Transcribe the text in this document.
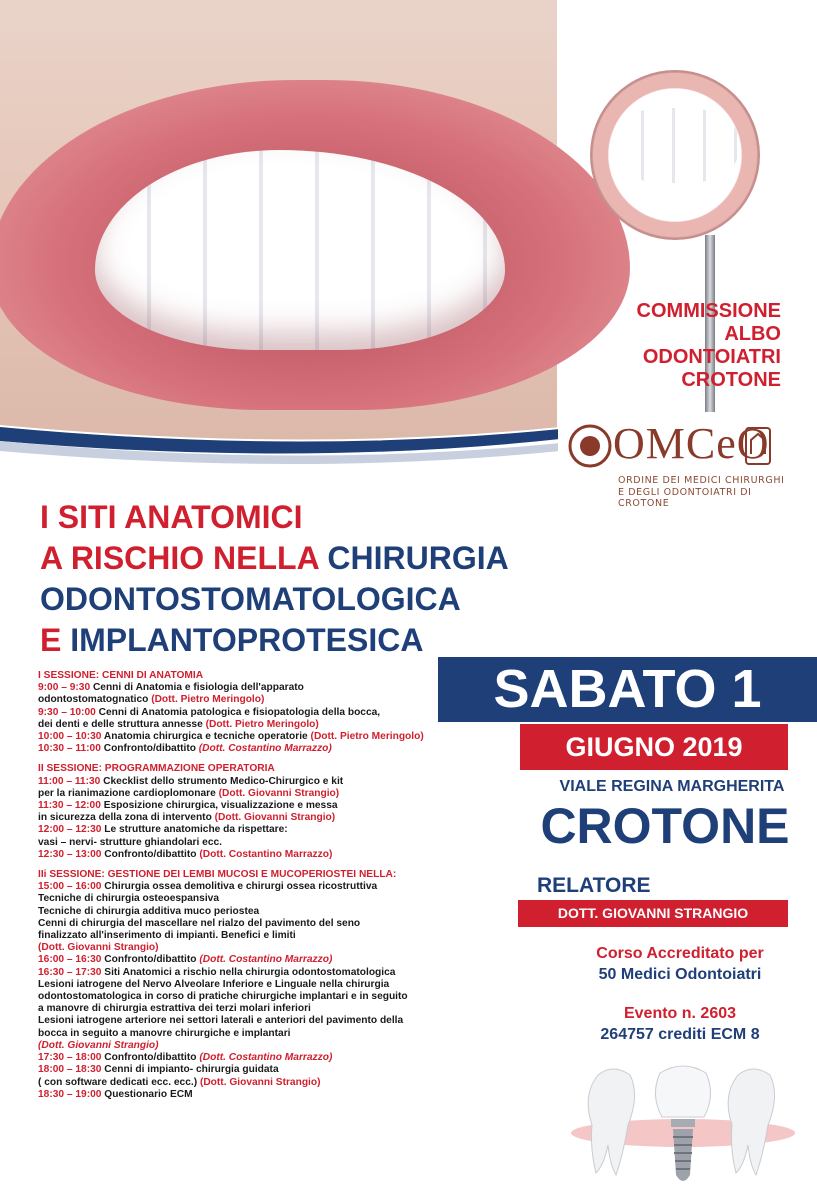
COMMISSIONE
ALBO
ODONTOIATRI
CROTONE
OMCeO
ORDINE DEI MEDICI CHIRURGHI
E DEGLI ODONTOIATRI DI CROTONE
I SITI ANATOMICI
A RISCHIO NELLA CHIRURGIA
ODONTOSTOMATOLOGICA
E IMPLANTOPROTESICA
I SESSIONE: CENNI DI ANATOMIA
9:00 – 9:30 Cenni di Anatomia e fisiologia dell'apparato
odontostomatognatico (Dott. Pietro Meringolo)
9:30 – 10:00 Cenni di Anatomia patologica e fisiopatologia della bocca,
dei denti e delle struttura annesse (Dott. Pietro Meringolo)
10:00 – 10:30 Anatomia chirurgica e tecniche operatorie (Dott. Pietro Meringolo)
10:30 – 11:00 Confronto/dibattito (Dott. Costantino Marrazzo)
II SESSIONE: PROGRAMMAZIONE OPERATORIA
11:00 – 11:30 Ckecklist dello strumento Medico-Chirurgico e kit
per la rianimazione cardioplomonare (Dott. Giovanni Strangio)
11:30 – 12:00 Esposizione chirurgica, visualizzazione e messa
in sicurezza della zona di intervento (Dott. Giovanni Strangio)
12:00 – 12:30 Le strutture anatomiche da rispettare:
vasi – nervi- strutture ghiandolari ecc.
12:30 – 13:00 Confronto/dibattito (Dott. Costantino Marrazzo)
IIi SESSIONE: GESTIONE DEI LEMBI MUCOSI E MUCOPERIOSTEI NELLA:
15:00 – 16:00 Chirurgia ossea demolitiva e chirurgi ossea ricostruttiva
Tecniche di chirurgia osteoespansiva
Tecniche di chirurgia additiva muco periostea
Cenni di chirurgia del mascellare nel rialzo del pavimento del seno
finalizzato all'inserimento di impianti. Benefici e limiti
(Dott. Giovanni Strangio)
16:00 – 16:30 Confronto/dibattito (Dott. Costantino Marrazzo)
16:30 – 17:30 Siti Anatomici a rischio nella chirurgia odontostomatologica
Lesioni iatrogene del Nervo Alveolare Inferiore e Linguale nella chirurgia
odontostomatologica in corso di pratiche chirurgiche implantari e in seguito
a manovre di chirurgia estrattiva dei terzi molari inferiori
Lesioni iatrogene arteriore nei settori laterali e anteriori del pavimento della
bocca in seguito a manovre chirurgiche e implantari
(Dott. Giovanni Strangio)
17:30 – 18:00 Confronto/dibattito (Dott. Costantino Marrazzo)
18:00 – 18:30 Cenni di impianto- chirurgia guidata
( con software dedicati ecc. ecc.) (Dott. Giovanni Strangio)
18:30 – 19:00 Questionario ECM
SABATO 1
GIUGNO 2019
VIALE REGINA MARGHERITA
CROTONE
RELATORE
DOTT. GIOVANNI STRANGIO
Corso Accreditato per
50 Medici Odontoiatri
Evento n. 2603
264757 crediti ECM 8
